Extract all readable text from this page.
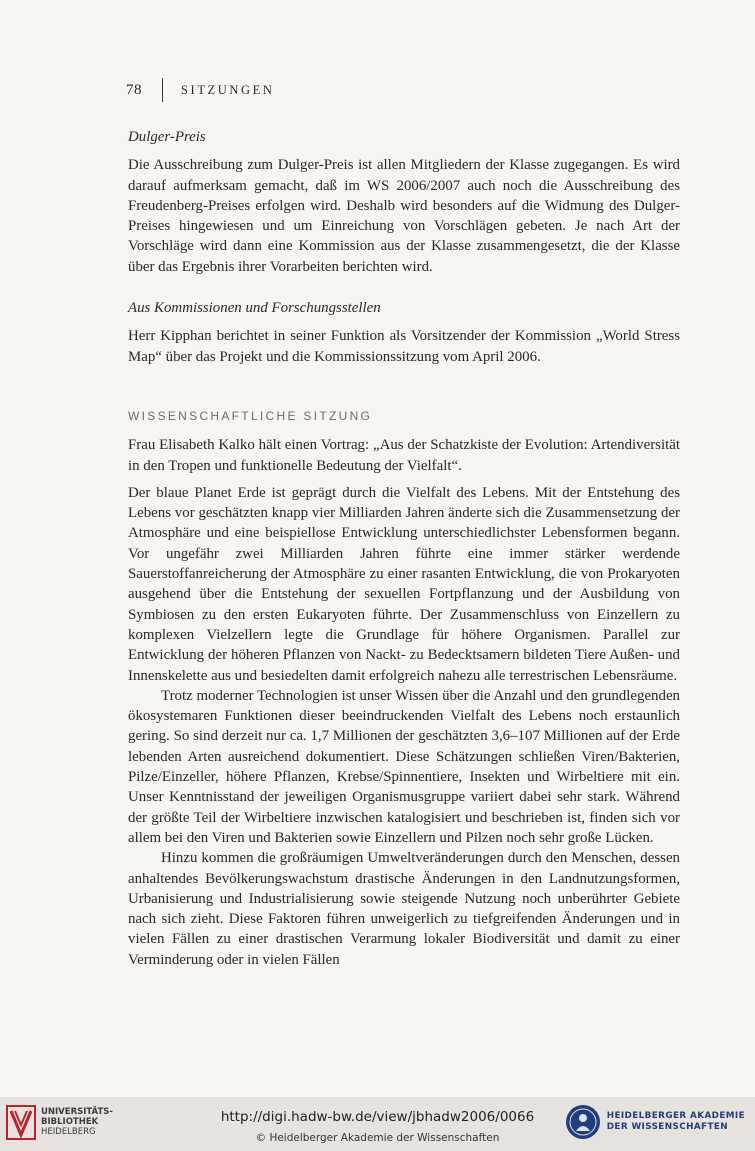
78	SITZUNGEN

Dulger-Preis

Die Ausschreibung zum Dulger-Preis ist allen Mitgliedern der Klasse zugegangen. Es wird darauf aufmerksam gemacht, daß im WS 2006/2007 auch noch die Ausschreibung des Freudenberg-Preises erfolgen wird. Deshalb wird besonders auf die Widmung des Dulger-Preises hingewiesen und um Einreichung von Vorschlägen gebeten. Je nach Art der Vorschläge wird dann eine Kommission aus der Klasse zusammengesetzt, die der Klasse über das Ergebnis ihrer Vorarbeiten berichten wird.

Aus Kommissionen und Forschungsstellen

Herr Kipphan berichtet in seiner Funktion als Vorsitzender der Kommission „World Stress Map“ über das Projekt und die Kommissionssitzung vom April 2006.

WISSENSCHAFTLICHE SITZUNG

Frau Elisabeth Kalko hält einen Vortrag: „Aus der Schatzkiste der Evolution: Artendiversität in den Tropen und funktionelle Bedeutung der Vielfalt“.

Der blaue Planet Erde ist geprägt durch die Vielfalt des Lebens. Mit der Entstehung des Lebens vor geschätzten knapp vier Milliarden Jahren änderte sich die Zusammensetzung der Atmosphäre und eine beispiellose Entwicklung unterschiedlichster Lebensformen begann. Vor ungefähr zwei Milliarden Jahren führte eine immer stärker werdende Sauerstoffanreicherung der Atmosphäre zu einer rasanten Entwicklung, die von Prokaryoten ausgehend über die Entstehung der sexuellen Fortpflanzung und der Ausbildung von Symbiosen zu den ersten Eukaryoten führte. Der Zusammenschluss von Einzellern zu komplexen Vielzellern legte die Grundlage für höhere Organismen. Parallel zur Entwicklung der höheren Pflanzen von Nackt- zu Bedecktsamern bildeten Tiere Außen- und Innenskelette aus und besiedelten damit erfolgreich nahezu alle terrestrischen Lebensräume.

Trotz moderner Technologien ist unser Wissen über die Anzahl und den grundlegenden ökosystemaren Funktionen dieser beeindruckenden Vielfalt des Lebens noch erstaunlich gering. So sind derzeit nur ca. 1,7 Millionen der geschätzten 3,6–107 Millionen auf der Erde lebenden Arten ausreichend dokumentiert. Diese Schätzungen schließen Viren/Bakterien, Pilze/Einzeller, höhere Pflanzen, Krebse/Spinnentiere, Insekten und Wirbeltiere mit ein. Unser Kenntnisstand der jeweiligen Organismusgruppe variiert dabei sehr stark. Während der größte Teil der Wirbeltiere inzwischen katalogisiert und beschrieben ist, finden sich vor allem bei den Viren und Bakterien sowie Einzellern und Pilzen noch sehr große Lücken.

Hinzu kommen die großräumigen Umweltveränderungen durch den Menschen, dessen anhaltendes Bevölkerungswachstum drastische Änderungen in den Landnutzungsformen, Urbanisierung und Industrialisierung sowie steigende Nutzung noch unberührter Gebiete nach sich zieht. Diese Faktoren führen unweigerlich zu tiefgreifenden Änderungen und in vielen Fällen zu einer drastischen Verarmung lokaler Biodiversität und damit zu einer Verminderung oder in vielen Fällen

UNIVERSITÄTS-
BIBLIOTHEK
HEIDELBERG
http://digi.hadw-bw.de/view/jbhadw2006/0066
© Heidelberger Akademie der Wissenschaften
HEIDELBERGER AKADEMIE
DER WISSENSCHAFTEN
